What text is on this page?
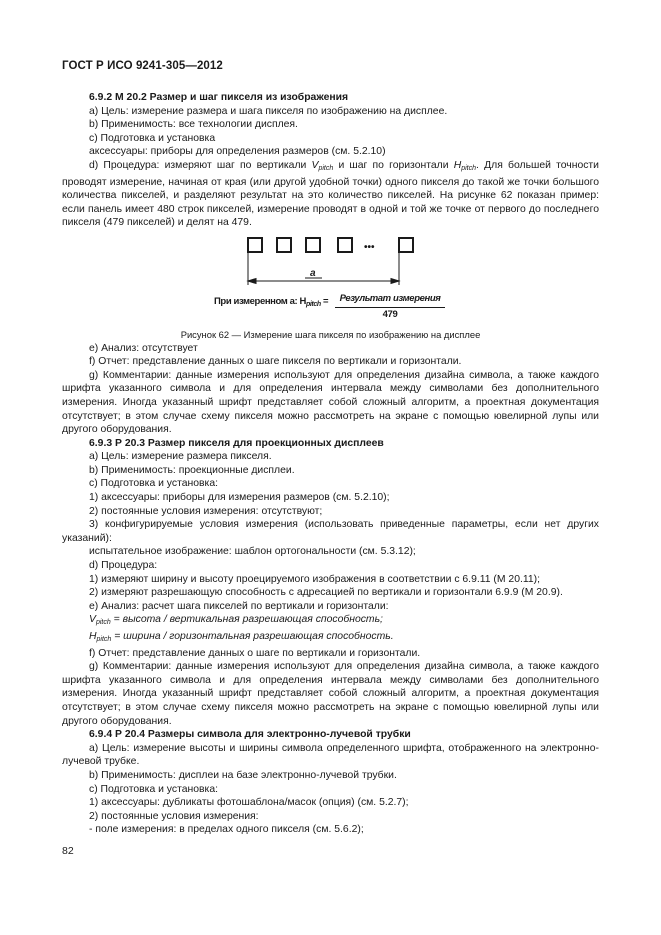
ГОСТ Р ИСО 9241-305—2012

6.9.2 М 20.2 Размер и шаг пикселя из изображения

a) Цель: измерение размера и шага пикселя по изображению на дисплее.

b) Применимость: все технологии дисплея.

c) Подготовка и установка

аксессуары: приборы для определения размеров (см. 5.2.10)

d) Процедура: измеряют шаг по вертикали $V_{pitch}$ и шаг по горизонтали $H_{pitch}$. Для большей точности проводят измерение, начиная от края (или другой удобной точки) одного пикселя до такой же точки большого количества пикселей, и разделяют результат на это количество пикселей. На рисунке 62 показан пример: если панель имеет 480 строк пикселей, измерение проводят в одной и той же точке от первого до последнего пикселя (479 пикселей) и делят на 479.

•••
a
При измеренном a: $H_{pitch}$ =	Результат измерения
479

Рисунок 62 — Измерение шага пикселя по изображению на дисплее

e) Анализ: отсутствует

f) Отчет: представление данных о шаге пикселя по вертикали и горизонтали.

g) Комментарии: данные измерения используют для определения дизайна символа, а также каждого шрифта указанного символа и для определения интервала между символами без дополнительного измерения. Иногда указанный шрифт представляет собой сложный алгоритм, а проектная документация отсутствует; в этом случае схему пикселя можно рассмотреть на экране с помощью ювелирной лупы или другого оборудования.

6.9.3 Р 20.3 Размер пикселя для проекционных дисплеев

a) Цель: измерение размера пикселя.

b) Применимость: проекционные дисплеи.

c) Подготовка и установка:

1) аксессуары: приборы для измерения размеров (см. 5.2.10);

2) постоянные условия измерения: отсутствуют;

3) конфигурируемые условия измерения (использовать приведенные параметры, если нет других указаний):

испытательное изображение: шаблон ортогональности (см. 5.3.12);

d) Процедура:

1) измеряют ширину и высоту проецируемого изображения в соответствии с 6.9.11 (М 20.11);

2) измеряют разрешающую способность с адресацией по вертикали и горизонтали 6.9.9 (М 20.9).

e) Анализ: расчет шага пикселей по вертикали и горизонтали:

$V_{pitch}$ = высота / вертикальная разрешающая способность;

$H_{pitch}$ = ширина / горизонтальная разрешающая способность.

f) Отчет: представление данных о шаге по вертикали и горизонтали.

g) Комментарии: данные измерения используют для определения дизайна символа, а также каждого шрифта указанного символа и для определения интервала между символами без дополнительного измерения. Иногда указанный шрифт представляет собой сложный алгоритм, а проектная документация отсутствует; в этом случае схему пикселя можно рассмотреть на экране с помощью ювелирной лупы или другого оборудования.

6.9.4 Р 20.4 Размеры символа для электронно-лучевой трубки

a) Цель: измерение высоты и ширины символа определенного шрифта, отображенного на электронно-лучевой трубке.

b) Применимость: дисплеи на базе электронно-лучевой трубки.

c) Подготовка и установка:

1) аксессуары: дубликаты фотошаблона/масок (опция) (см. 5.2.7);

2) постоянные условия измерения:

- поле измерения: в пределах одного пикселя (см. 5.6.2);

82
